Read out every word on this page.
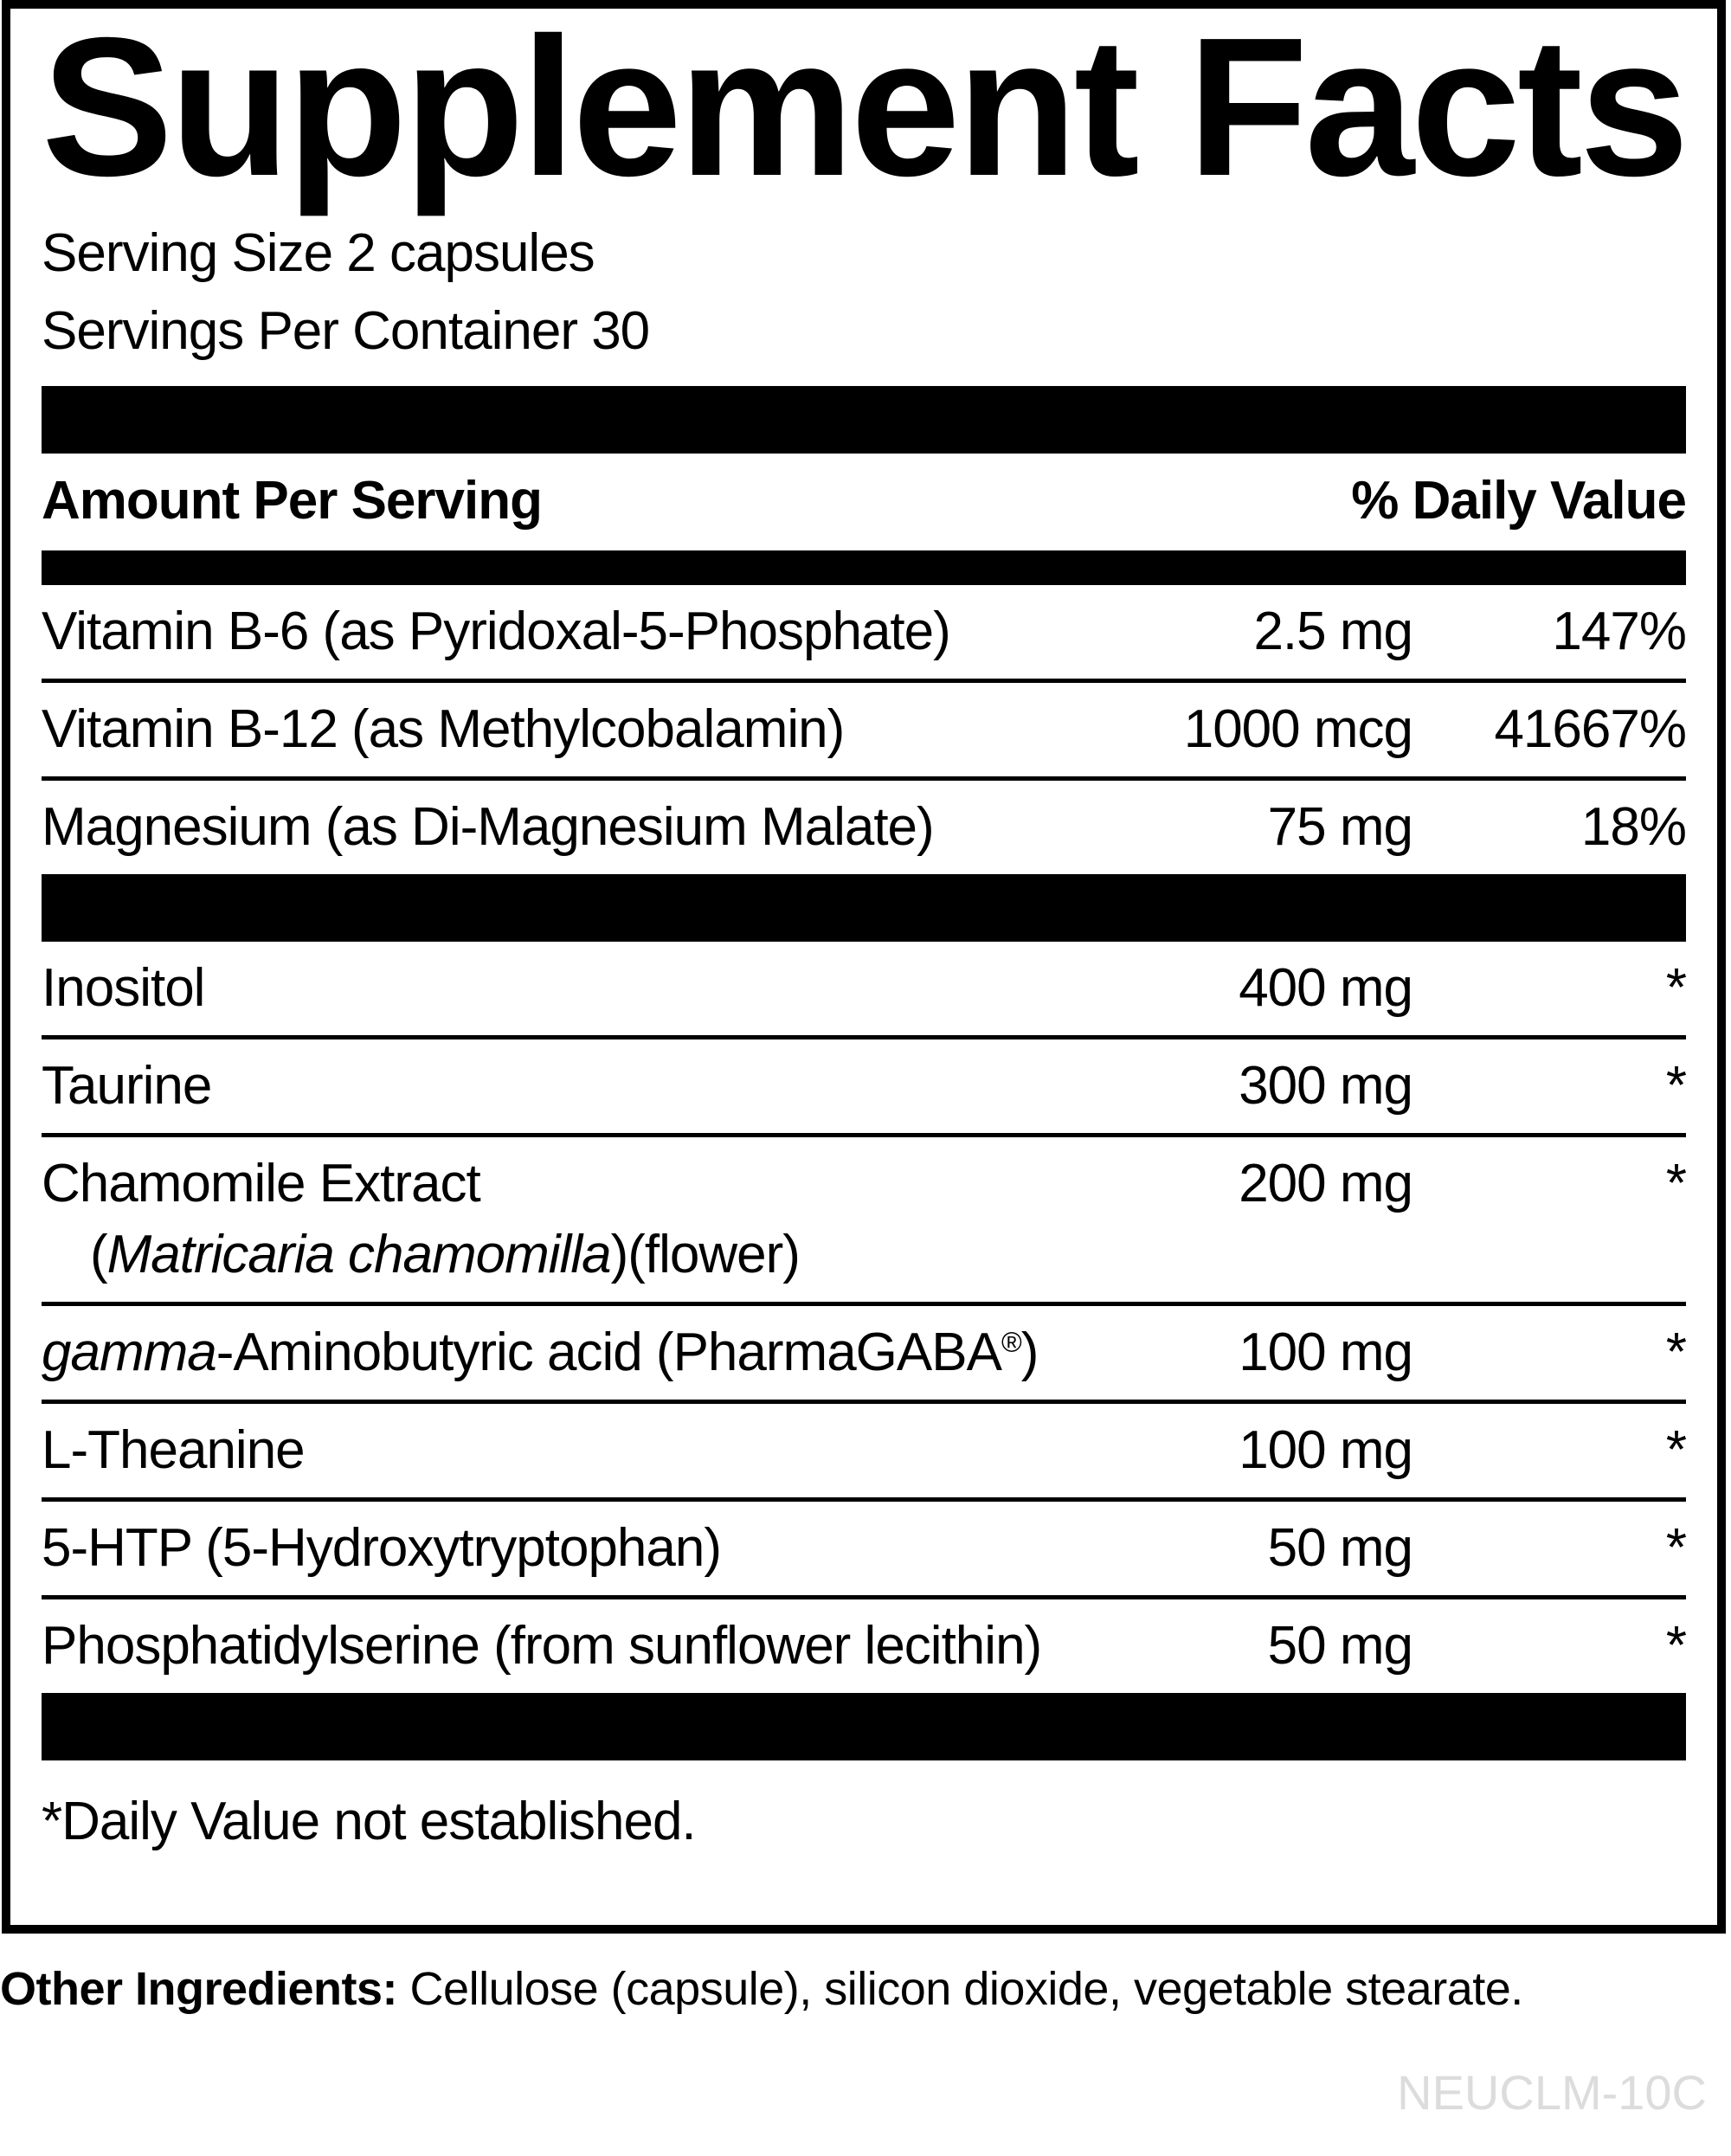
Supplement Facts
Serving Size 2 capsules
Servings Per Container 30
Amount Per Serving	% Daily Value
Vitamin B-6 (as Pyridoxal-5-Phosphate)	2.5 mg	147%
Vitamin B-12 (as Methylcobalamin)	1000 mcg	41667%
Magnesium (as Di-Magnesium Malate)	75 mg	18%
Inositol	400 mg	*
Taurine	300 mg	*
Chamomile Extract
(Matricaria chamomilla)(flower)
200 mg	*
gamma-Aminobutyric acid (PharmaGABA®)	100 mg	*
L-Theanine	100 mg	*
5-HTP (5-Hydroxytryptophan)	50 mg	*
Phosphatidylserine (from sunflower lecithin)	50 mg	*
*Daily Value not established.
Other Ingredients: Cellulose (capsule), silicon dioxide, vegetable stearate.
NEUCLM-10C
